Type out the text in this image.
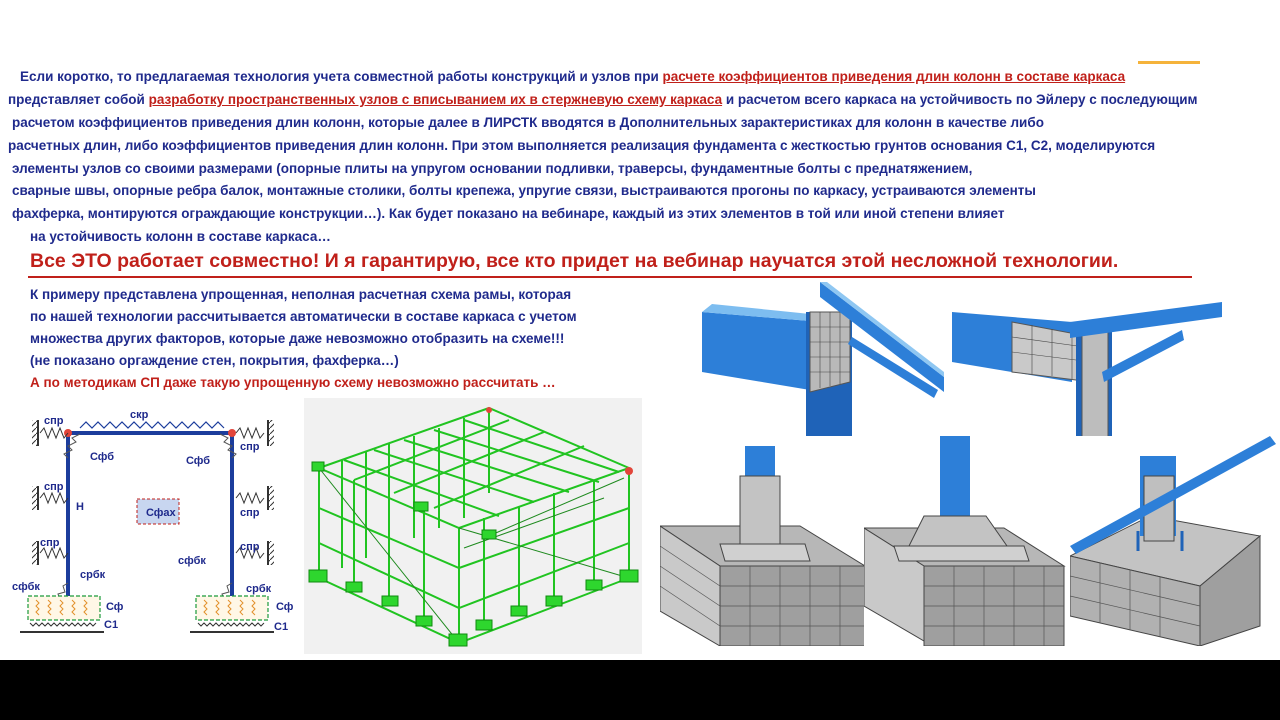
Если коротко, то предлагаемая технология учета совместной работы конструкций и узлов при расчете коэффициентов приведения длин колонн в составе каркаса
представляет собой разработку пространственных узлов с вписыванием их в стержневую схему каркаса и расчетом всего каркаса на устойчивость по Эйлеру с последующим
расчетом коэффициентов приведения длин колонн, которые далее в ЛИРСТК вводятся в Дополнительных зарактеристиках для колонн в качестве либо
расчетных длин, либо коэффициентов приведения длин колонн. При этом выполняется реализация фундамента с жесткостью грунтов основания С1, С2, моделируются
элементы узлов со своими размерами (опорные плиты на упругом основании подливки, траверсы, фундаментные болты с преднатяжением,
сварные швы, опорные ребра балок, монтажные столики, болты крепежа, упругие связи, выстраиваются прогоны по каркасу, устраиваются элементы
фахферка, монтируются ограждающие конструкции…). Как будет показано на вебинаре, каждый из этих элементов в той или иной степени влияет
на устойчивость колонн в составе каркаса…
Все ЭТО работает совместно! И я гарантирую, все кто придет на вебинар научатся этой несложной технологии.
К примеру представлена упрощенная, неполная расчетная схема рамы, которая
по нашей технологии рассчитывается автоматически в составе каркаса с учетом
множества других факторов, которые даже невозможно отобразить на схеме!!!
(не показано оргаждение стен, покрытия, фахферка…)
А по методикам СП даже такую упрощенную схему невозможно рассчитать …
скр
спр
спр
Сфб	Сфб
спр
спр
Н	Сфах
спр	спр
србк
сфбк
сфбк	србк
Сф	Сф
С1	С1
